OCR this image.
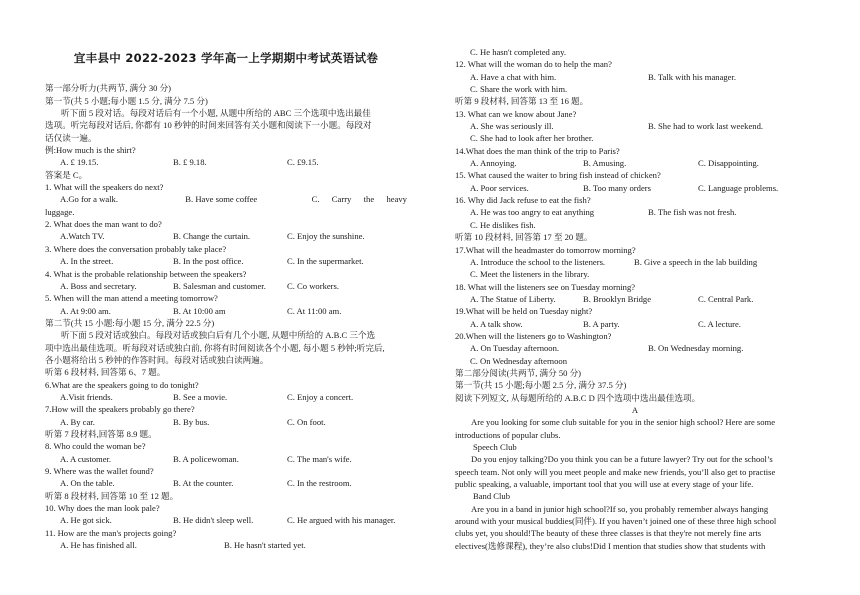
宜丰县中 2022-2023 学年高一上学期期中考试英语试卷
第一部分听力(共两节, 满分 30 分)
第一节(共 5 小题;每小题 1.5 分, 满分 7.5 分)
听下面 5 段对话。每段对话后有一个小题, 从题中所给的 ABC 三个选项中选出最佳
选项。听完每段对话后, 你都有 10 秒钟的时间来回答有关小题和阅读下一小题。每段对
话仅读一遍。
例:How much is the shirt?
A. £ 19.15.	B. £ 9.18.	C. £9.15.
答案是 C。
1. What will the speakers do next?
A.Go for a walk.	B. Have some coffee	C. Carry the heavy
luggage.
2. What does the man want to do?
A.Watch TV.	B. Change the curtain.	C. Enjoy the sunshine.
3. Where does the conversation probably take place?
A. In the street.	B. In the post office.	C. In the supermarket.
4. What is the probable relationship between the speakers?
A. Boss and secretary.	B. Salesman and customer.	C. Co workers.
5. When will the man attend a meeting tomorrow?
A. At 9:00 am.	B. At 10:00 am	C. At 11:00 am.
第二节(共 15 小题:每小题 15 分, 满分 22.5 分)
听下面 5 段对话或独白。每段对话或独白后有几个小题, 从题中所给的 A.B.C 三个选
项中选出最佳选项。听每段对话或独白前, 你将有时间阅读各个小题, 每小题 5 秒钟;听完后,
各小题将给出 5 秒钟的作答时间。每段对话或独白读两遍。
听第 6 段材料, 回答第 6、7 题。
6.What are the speakers going to do tonight?
A.Visit friends.	B. See a movie.	C. Enjoy a concert.
7.How will the speakers probably go there?
A. By car.	B. By bus.	C. On foot.
听第 7 段材料,回答第 8.9 题。
8. Who could the woman be?
A. A customer.	B. A policewoman.	C. The man's wife.
9. Where was the wallet found?
A. On the table.	B. At the counter.	C. In the restroom.
听第 8 段材料, 回答第 10 至 12 题。
10. Why does the man look pale?
A. He got sick.	B. He didn't sleep well.	C. He argued with his manager.
11. How are the man's projects going?
A. He has finished all.	B. He hasn't started yet.
C. He hasn't completed any.
12. What will the woman do to help the man?
A. Have a chat with him.	B. Talk with his manager.
C. Share the work with him.
听第 9 段材料, 回答第 13 至 16 题。
13. What can we know about Jane?
A. She was seriously ill.	B. She had to work last weekend.
C. She had to look after her brother.
14.What does the man think of the trip to Paris?
A. Annoying.	B. Amusing.	C. Disappointing.
15. What caused the waiter to bring fish instead of chicken?
A. Poor services.	B. Too many orders	C. Language problems.
16. Why did Jack refuse to eat the fish?
A. He was too angry to eat anything	B. The fish was not fresh.
C. He dislikes fish.
听第 10 段材料, 回答第 17 至 20 题。
17.What will the headmaster do tomorrow morning?
A. Introduce the school to the listeners.	B. Give a speech in the lab building
C. Meet the listeners in the library.
18. What will the listeners see on Tuesday morning?
A. The Statue of Liberty.	B. Brooklyn Bridge	C. Central Park.
19.What will be held on Tuesday night?
A. A talk show.	B. A party.	C. A lecture.
20.When will the listeners go to Washington?
A. On Tuesday afternoon.	B. On Wednesday morning.
C. On Wednesday afternoon
第二部分阅读(共两节, 满分 50 分)
第一节(共 15 小题;每小题 2.5 分, 满分 37.5 分)
阅读下列短文, 从每题所给的 A.B.C D 四个选项中选出最佳选项。
A
Are you looking for some club suitable for you in the senior high school? Here are some
introductions of popular clubs.
Speech Club
Do you enjoy talking?Do you think you can be a future lawyer? Try out for the school’s
speech team. Not only will you meet people and make new friends, you’ll also get to practise
public speaking, a valuable, important tool that you will use at every stage of your life.
Band Club
Are you in a band in junior high school?If so, you probably remember always hanging
around with your musical buddies(同伴). If you haven’t joined one of these three high school
clubs yet, you should!The beauty of these three classes is that they're not merely fine arts
electives(选修课程), they’re also clubs!Did I mention that studies show that students with
